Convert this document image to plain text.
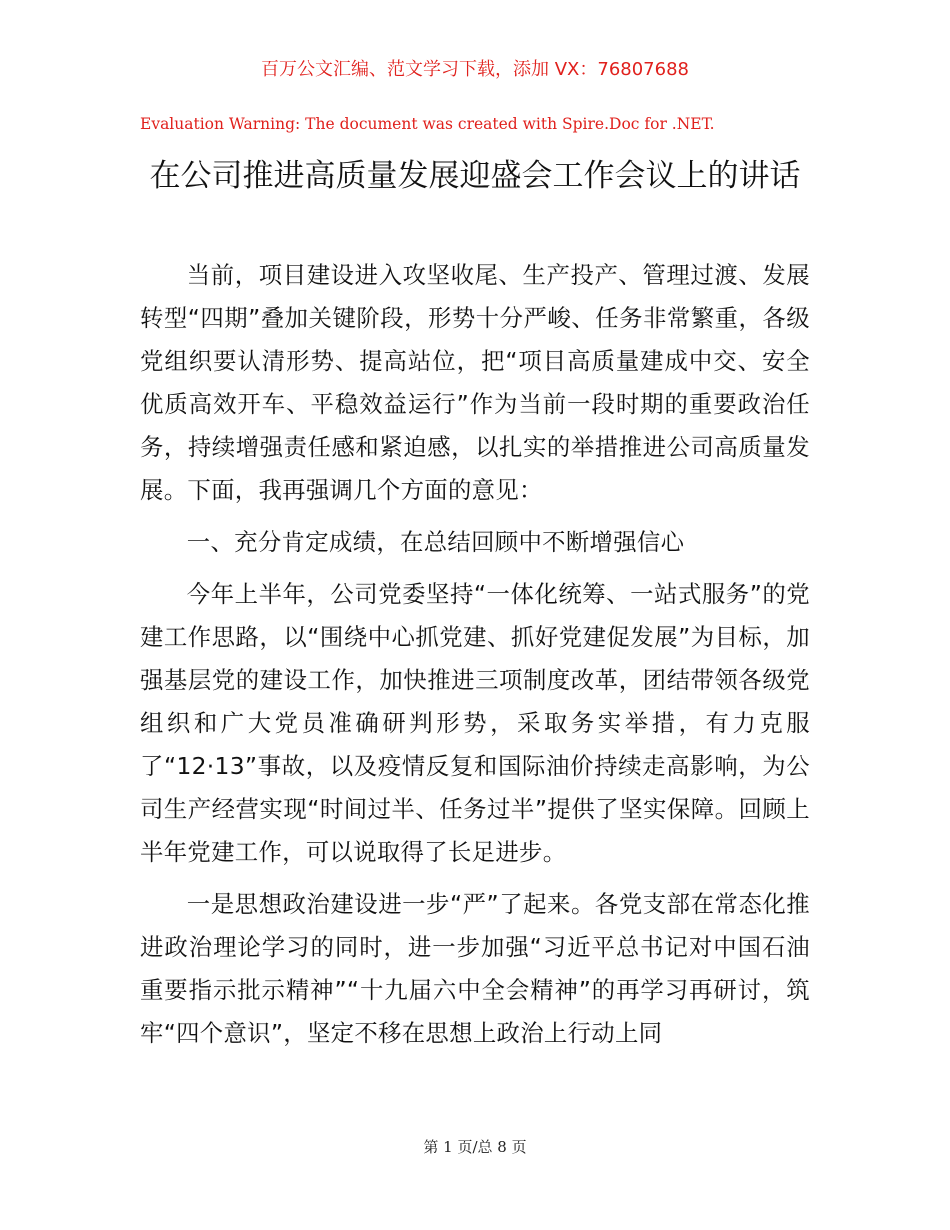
百万公文汇编、范文学习下载，添加 VX：76807688
Evaluation Warning: The document was created with Spire.Doc for .NET.
在公司推进高质量发展迎盛会工作会议上的讲话

当前，项目建设进入攻坚收尾、生产投产、管理过渡、发展转型“四期”叠加关键阶段，形势十分严峻、任务非常繁重，各级党组织要认清形势、提高站位，把“项目高质量建成中交、安全优质高效开车、平稳效益运行”作为当前一段时期的重要政治任务，持续增强责任感和紧迫感，以扎实的举措推进公司高质量发展。下面，我再强调几个方面的意见：

一、充分肯定成绩，在总结回顾中不断增强信心

今年上半年，公司党委坚持“一体化统筹、一站式服务”的党建工作思路，以“围绕中心抓党建、抓好党建促发展”为目标，加强基层党的建设工作，加快推进三项制度改革，团结带领各级党组织和广大党员准确研判形势，采取务实举措，有力克服了“12·13”事故，以及疫情反复和国际油价持续走高影响，为公司生产经营实现“时间过半、任务过半”提供了坚实保障。回顾上半年党建工作，可以说取得了长足进步。

一是思想政治建设进一步“严”了起来。各党支部在常态化推进政治理论学习的同时，进一步加强“习近平总书记对中国石油重要指示批示精神”“十九届六中全会精神”的再学习再研讨，筑牢“四个意识”，坚定不移在思想上政治上行动上同

第 1 页/总 8 页
